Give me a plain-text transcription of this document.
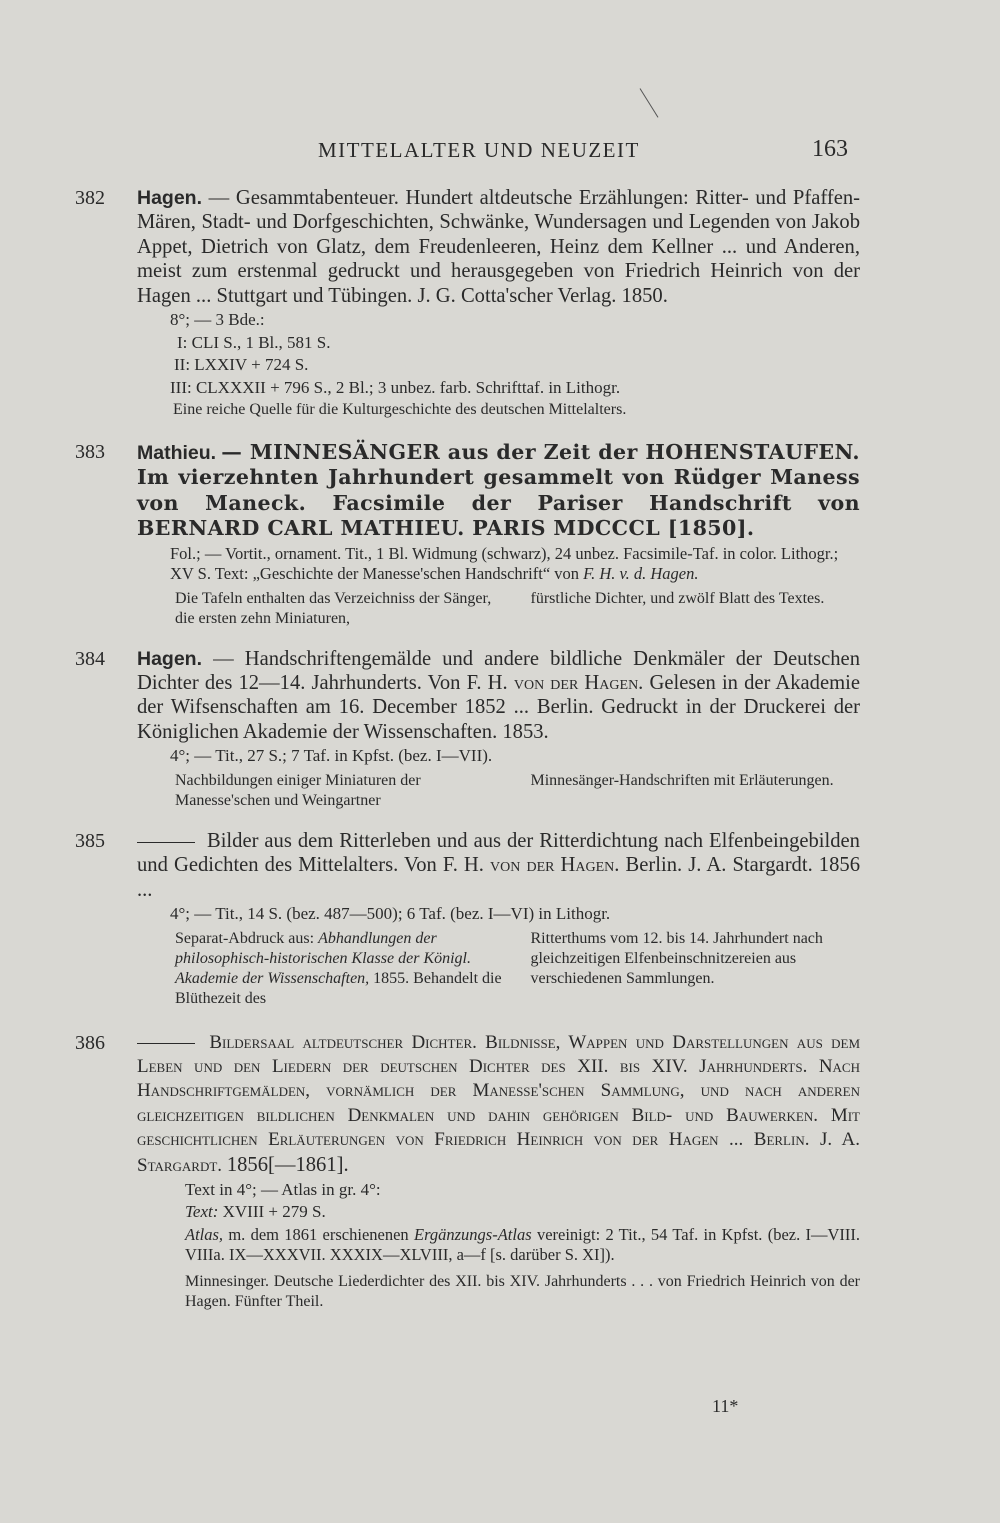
MITTELALTER UND NEUZEIT	163
382 Hagen. — Gesammtabenteuer. Hundert altdeutsche Erzählungen: Ritter- und Pfaffen-Mären, Stadt- und Dorfgeschichten, Schwänke, Wundersagen und Legenden von Jakob Appet, Dietrich von Glatz, dem Freudenleeren, Heinz dem Kellner ... und Anderen, meist zum erstenmal gedruckt und herausgegeben von Friedrich Heinrich von der Hagen ... Stuttgart und Tübingen. J. G. Cotta'scher Verlag. 1850.
8°; — 3 Bde.:
I: CLI S., 1 Bl., 581 S.
II: LXXIV + 724 S.
III: CLXXXII + 796 S., 2 Bl.; 3 unbez. farb. Schrifttaf. in Lithogr.
Eine reiche Quelle für die Kulturgeschichte des deutschen Mittelalters.
383 Mathieu. — MINNESÄNGER aus der Zeit der HOHENSTAUFEN. Im vierzehnten Jahrhundert gesammelt von Rüdger Maness von Maneck. Facsimile der Pariser Handschrift von BERNARD CARL MATHIEU. PARIS MDCCCL [1850].
Fol.; — Vortit., ornament. Tit., 1 Bl. Widmung (schwarz), 24 unbez. Facsimile-Taf. in color. Lithogr.; XV S. Text: „Geschichte der Manesse'schen Handschrift“ von F. H. v. d. Hagen.
Die Tafeln enthalten das Verzeichniss der Sänger, die ersten zehn Miniaturen,
fürstliche Dichter, und zwölf Blatt des Textes.
384 Hagen. — Handschriftengemälde und andere bildliche Denkmäler der Deutschen Dichter des 12—14. Jahrhunderts. Von F. H. von der Hagen. Gelesen in der Akademie der Wifsenschaften am 16. December 1852 ... Berlin. Gedruckt in der Druckerei der Königlichen Akademie der Wissenschaften. 1853.
4°; — Tit., 27 S.; 7 Taf. in Kpfst. (bez. I—VII).
Nachbildungen einiger Miniaturen der Manesse'schen und Weingartner
Minnesänger-Handschriften mit Erläuterungen.
385	Bilder aus dem Ritterleben und aus der Ritterdichtung nach Elfenbeingebilden und Gedichten des Mittelalters. Von F. H. von der Hagen. Berlin. J. A. Stargardt. 1856 ...
4°; — Tit., 14 S. (bez. 487—500); 6 Taf. (bez. I—VI) in Lithogr.
Separat-Abdruck aus: Abhandlungen der philosophisch-historischen Klasse der Königl. Akademie der Wissenschaften, 1855. Behandelt die Blüthezeit des
Ritterthums vom 12. bis 14. Jahrhundert nach gleichzeitigen Elfenbeinschnitzereien aus verschiedenen Sammlungen.
386	Bildersaal altdeutscher Dichter. Bildnisse, Wappen und Darstellungen aus dem Leben und den Liedern der deutschen Dichter des XII. bis XIV. Jahrhunderts. Nach Handschriftgemälden, vornämlich der Manesse'schen Sammlung, und nach anderen gleichzeitigen bildlichen Denkmalen und dahin gehörigen Bild- und Bauwerken. Mit geschichtlichen Erläuterungen von Friedrich Heinrich von der Hagen ... Berlin. J. A. Stargardt. 1856[—1861].
Text in 4°; — Atlas in gr. 4°:
Text: XVIII + 279 S.
Atlas, m. dem 1861 erschienenen Ergänzungs-Atlas vereinigt: 2 Tit., 54 Taf. in Kpfst. (bez. I—VIII. VIIIa. IX—XXXVII. XXXIX—XLVIII, a—f [s. darüber S. XI]).
Minnesinger. Deutsche Liederdichter des XII. bis XIV. Jahrhunderts . . . von Friedrich Heinrich von der Hagen. Fünfter Theil.
11*
